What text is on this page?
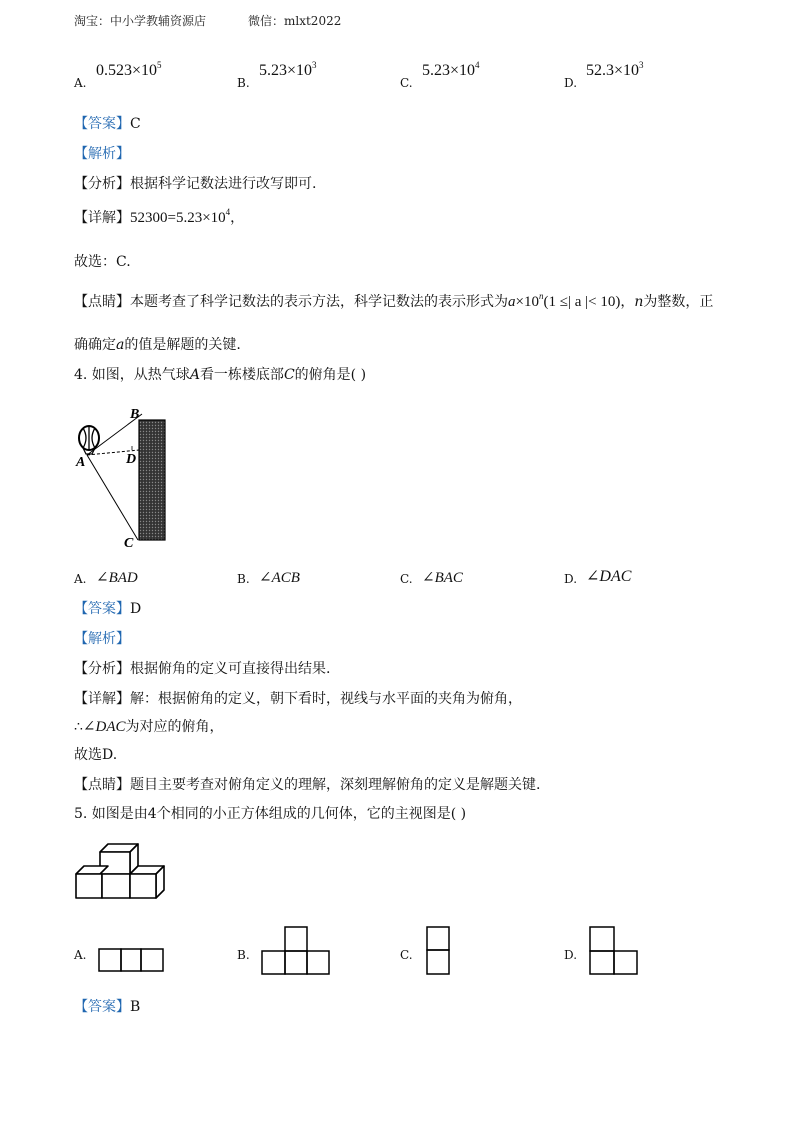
淘宝：中小学教辅资源店	微信：mlxt2022
A.
$0.523\times 10^5$
B.
$5.23\times 10^3$
C.
$5.23\times 10^4$
D.
$52.3\times 10^3$
【答案】C
【解析】
【分析】根据科学记数法进行改写即可.
【详解】$52300=5.23\times 10^4$，
故选：C.
【点睛】本题考查了科学记数法的表示方法，科学记数法的表示形式为$a\times 10^n(1$ ≤| a |< 10)，n为整数，正
确确定a的值是解题的关键.
4. 如图，从热气球A看一栋楼底部C的俯角是( )
B
A	D
C
A. ∠BAD	B. ∠ACB	C. ∠BAC	D. ∠DAC
【答案】D
【解析】
【分析】根据俯角的定义可直接得出结果.
【详解】解：根据俯角的定义，朝下看时，视线与水平面的夹角为俯角，
∴∠DAC为对应的俯角，
故选D.
【点睛】题目主要考查对俯角定义的理解，深刻理解俯角的定义是解题关键.
5. 如图是由4个相同的小正方体组成的几何体，它的主视图是( )
A.	B.	C.	D.
【答案】B
